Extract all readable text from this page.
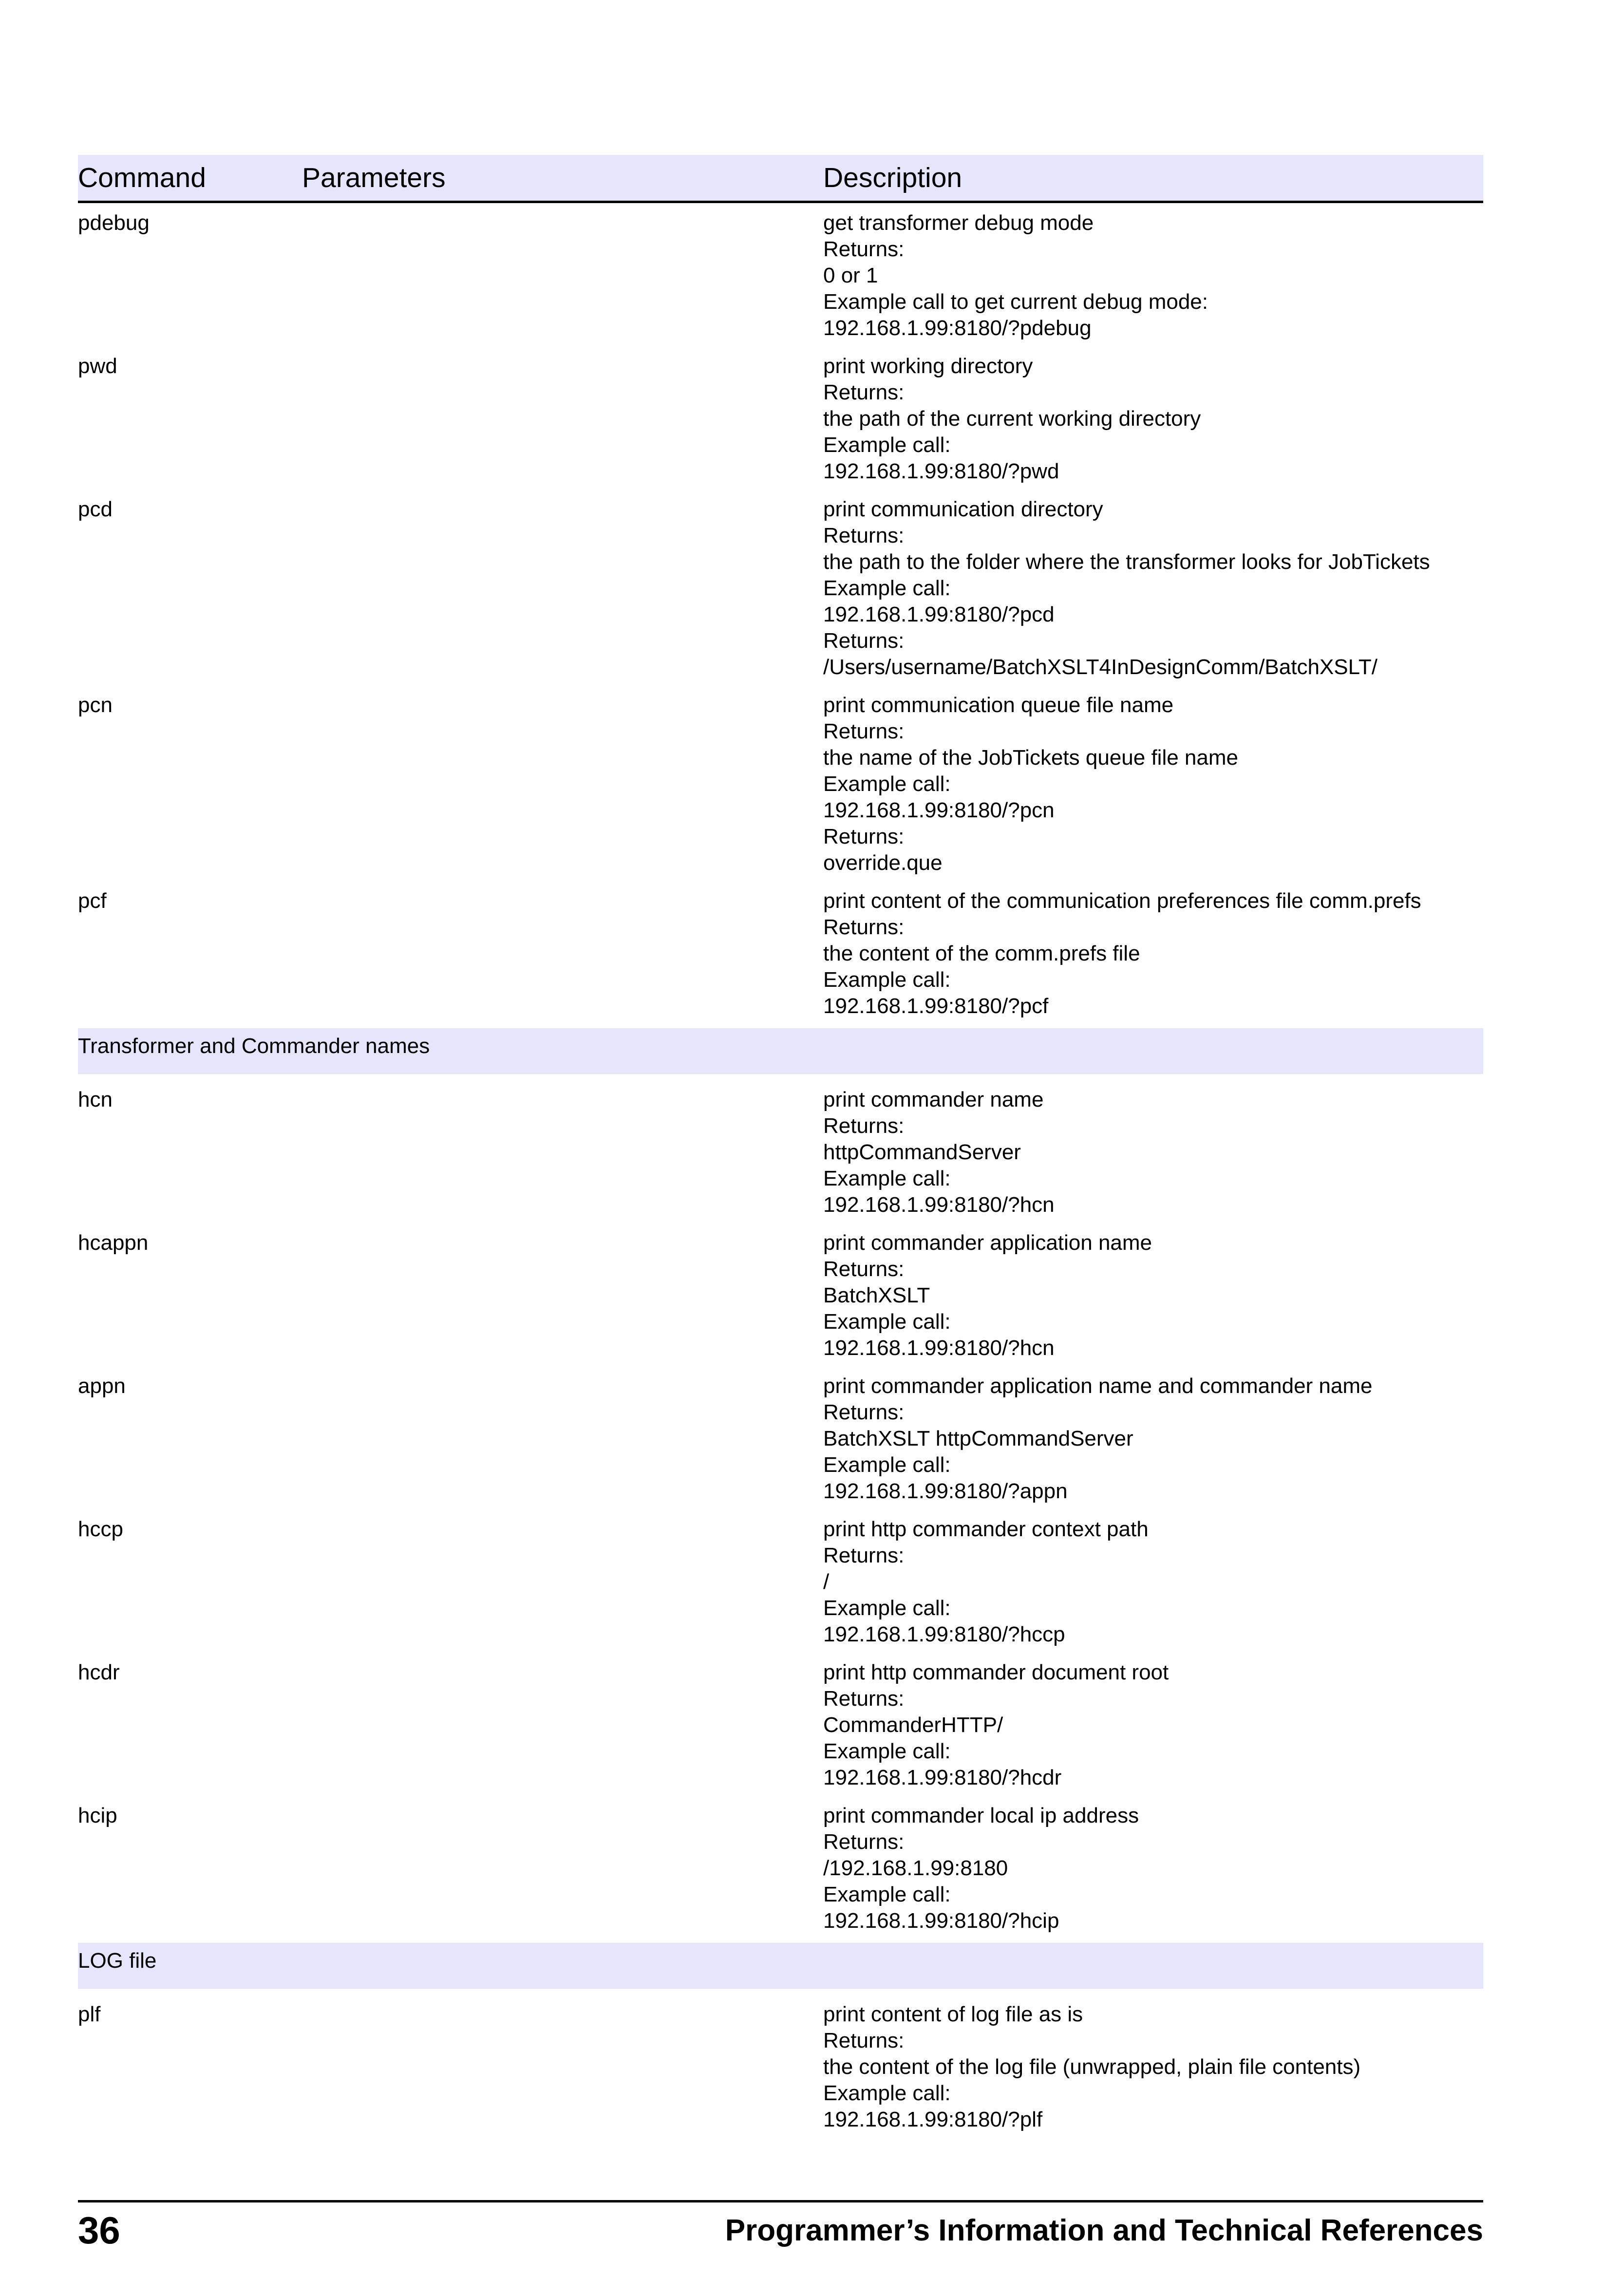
Command	Parameters	Description
pdebug	get transformer debug mode
Returns:
0 or 1
Example call to get current debug mode:
192.168.1.99:8180/?pdebug
pwd	print working directory
Returns:
the path of the current working directory
Example call:
192.168.1.99:8180/?pwd
pcd	print communication directory
Returns:
the path to the folder where the transformer looks for JobTickets
Example call:
192.168.1.99:8180/?pcd
Returns:
/Users/username/BatchXSLT4InDesignComm/BatchXSLT/
pcn	print communication queue file name
Returns:
the name of the JobTickets queue file name
Example call:
192.168.1.99:8180/?pcn
Returns:
override.que
pcf	print content of the communication preferences file comm.prefs
Returns:
the content of the comm.prefs file
Example call:
192.168.1.99:8180/?pcf
Transformer and Commander names
hcn	print commander name
Returns:
httpCommandServer
Example call:
192.168.1.99:8180/?hcn
hcappn	print commander application name
Returns:
BatchXSLT
Example call:
192.168.1.99:8180/?hcn
appn	print commander application name and commander name
Returns:
BatchXSLT httpCommandServer
Example call:
192.168.1.99:8180/?appn
hccp	print http commander context path
Returns:
/
Example call:
192.168.1.99:8180/?hccp
hcdr	print http commander document root
Returns:
CommanderHTTP/
Example call:
192.168.1.99:8180/?hcdr
hcip	print commander local ip address
Returns:
/192.168.1.99:8180
Example call:
192.168.1.99:8180/?hcip
LOG file
plf	print content of log file as is
Returns:
the content of the log file (unwrapped, plain file contents)
Example call:
192.168.1.99:8180/?plf
36	Programmer’s Information and Technical References
